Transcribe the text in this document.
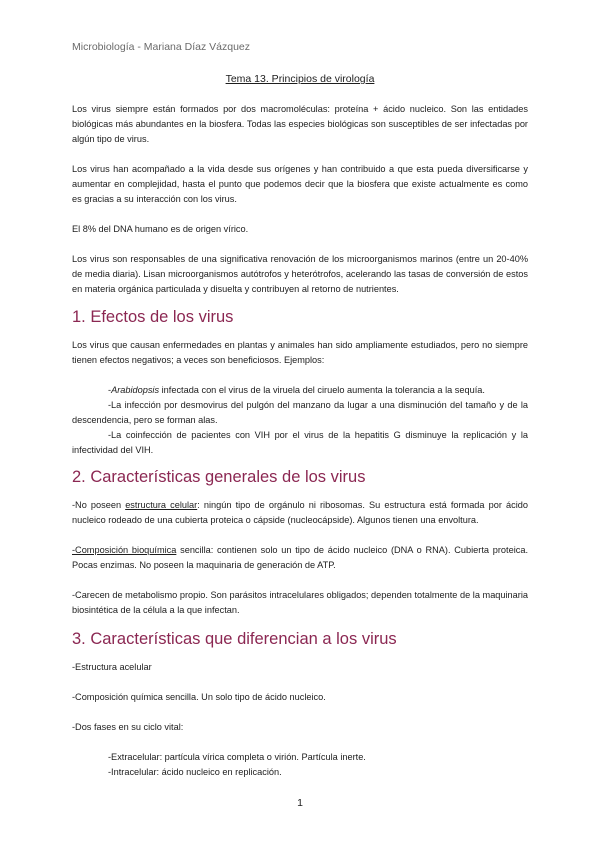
Microbiología - Mariana Díaz Vázquez
Tema 13. Principios de virología

Los virus siempre están formados por dos macromoléculas: proteína + ácido nucleico. Son las entidades biológicas más abundantes en la biosfera. Todas las especies biológicas son susceptibles de ser infectadas por algún tipo de virus.

Los virus han acompañado a la vida desde sus orígenes y han contribuido a que esta pueda diversificarse y aumentar en complejidad, hasta el punto que podemos decir que la biosfera que existe actualmente es como es gracias a su interacción con los virus.

El 8% del DNA humano es de origen vírico.

Los virus son responsables de una significativa renovación de los microorganismos marinos (entre un 20-40% de media diaria). Lisan microorganismos autótrofos y heterótrofos, acelerando las tasas de conversión de estos en materia orgánica particulada y disuelta y contribuyen al retorno de nutrientes.

1. Efectos de los virus

Los virus que causan enfermedades en plantas y animales han sido ampliamente estudiados, pero no siempre tienen efectos negativos; a veces son beneficiosos. Ejemplos:

-Arabidopsis infectada con el virus de la viruela del ciruelo aumenta la tolerancia a la sequía.

-La infección por desmovirus del pulgón del manzano da lugar a una disminución del tamaño y de la descendencia, pero se forman alas.

-La coinfección de pacientes con VIH por el virus de la hepatitis G disminuye la replicación y la infectividad del VIH.

2. Características generales de los virus

-No poseen estructura celular: ningún tipo de orgánulo ni ribosomas. Su estructura está formada por ácido nucleico rodeado de una cubierta proteica o cápside (nucleocápside). Algunos tienen una envoltura.

-Composición bioquímica sencilla: contienen solo un tipo de ácido nucleico (DNA o RNA). Cubierta proteica. Pocas enzimas. No poseen la maquinaria de generación de ATP.

-Carecen de metabolismo propio. Son parásitos intracelulares obligados; dependen totalmente de la maquinaria biosintética de la célula a la que infectan.

3. Características que diferencian a los virus

-Estructura acelular

-Composición química sencilla. Un solo tipo de ácido nucleico.

-Dos fases en su ciclo vital:

-Extracelular: partícula vírica completa o virión. Partícula inerte.

-Intracelular: ácido nucleico en replicación.

1
